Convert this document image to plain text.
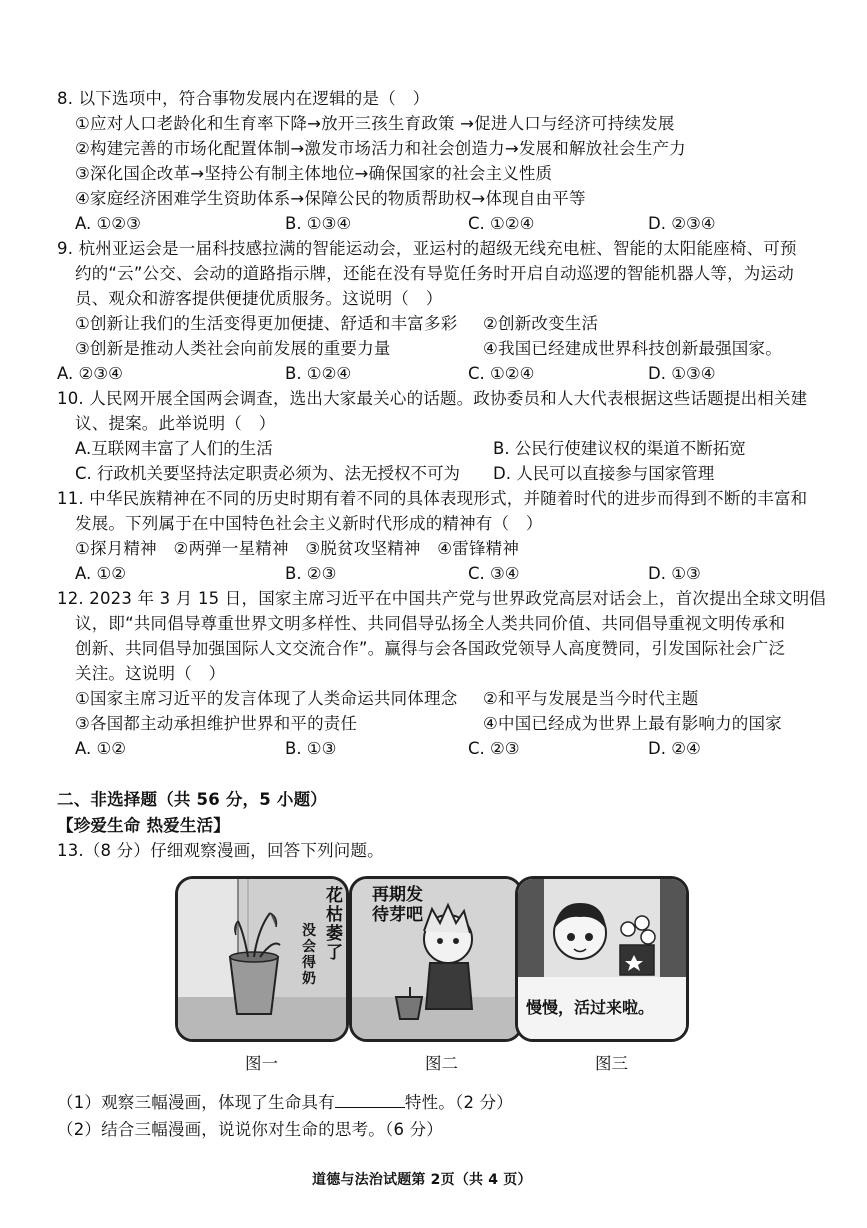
8. 以下选项中，符合事物发展内在逻辑的是（　）
①应对人口老龄化和生育率下降→放开三孩生育政策 →促进人口与经济可持续发展
②构建完善的市场化配置体制→激发市场活力和社会创造力→发展和解放社会生产力
③深化国企改革→坚持公有制主体地位→确保国家的社会主义性质
④家庭经济困难学生资助体系→保障公民的物质帮助权→体现自由平等
A. ①②③	B. ①③④	C. ①②④	D. ②③④
9. 杭州亚运会是一届科技感拉满的智能运动会，亚运村的超级无线充电桩、智能的太阳能座椅、可预
约的“云”公交、会动的道路指示牌，还能在没有导览任务时开启自动巡逻的智能机器人等，为运动
员、观众和游客提供便捷优质服务。这说明（　）
①创新让我们的生活变得更加便捷、舒适和丰富多彩 ②创新改变生活
③创新是推动人类社会向前发展的重要力量	④我国已经建成世界科技创新最强国家。
A. ②③④	B. ①②④	C. ①②④	D. ①③④
10. 人民网开展全国两会调查，选出大家最关心的话题。政协委员和人大代表根据这些话题提出相关建
议、提案。此举说明（　）
A.互联网丰富了人们的生活	B. 公民行使建议权的渠道不断拓宽
C. 行政机关要坚持法定职责必须为、法无授权不可为 D. 人民可以直接参与国家管理
11. 中华民族精神在不同的历史时期有着不同的具体表现形式，并随着时代的进步而得到不断的丰富和
发展。下列属于在中国特色社会主义新时代形成的精神有（　）
①探月精神　②两弹一星精神　③脱贫攻坚精神　④雷锋精神
A. ①②	B. ②③	C. ③④	D. ①③
12. 2023 年 3 月 15 日，国家主席习近平在中国共产党与世界政党高层对话会上，首次提出全球文明倡
议，即“共同倡导尊重世界文明多样性、共同倡导弘扬全人类共同价值、共同倡导重视文明传承和
创新、共同倡导加强国际人文交流合作”。赢得与会各国政党领导人高度赞同，引发国际社会广泛
关注。这说明（　）
①国家主席习近平的发言体现了人类命运共同体理念 ②和平与发展是当今时代主题
③各国都主动承担维护世界和平的责任	④中国已经成为世界上最有影响力的国家
A. ①②	B. ①③	C. ②③	D. ②④
二、非选择题（共 56 分，5 小题）
【珍爱生命 热爱生活】
13.（8 分）仔细观察漫画，回答下列问题。
花枯萎了
没会得奶
再期发待芽吧
慢慢，活过来啦。
图一	图二	图三
（1）观察三幅漫画，体现了生命具有	特性。（2 分）
（2）结合三幅漫画，说说你对生命的思考。（6 分）
道德与法治试题第 2页（共 4 页）
